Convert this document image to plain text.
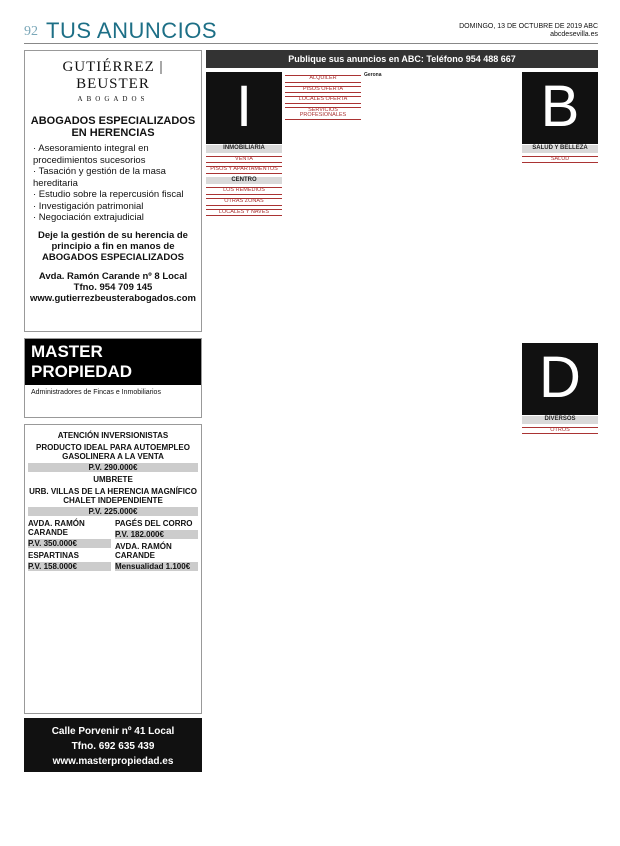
92 TUS ANUNCIOS	DOMINGO, 13 DE OCTUBRE DE 2019 ABC
abcdesevilla.es
GUTIÉRREZ | BEUSTER
ABOGADOS
ABOGADOS ESPECIALIZADOS EN HERENCIAS
· Asesoramiento integral en procedimientos sucesorios
· Tasación y gestión de la masa hereditaria
· Estudio sobre la repercusión fiscal
· Investigación patrimonial
· Negociación extrajudicial
Deje la gestión de su herencia de principio a fin en manos de ABOGADOS ESPECIALIZADOS
Avda. Ramón Carande nº 8 Local
Tfno. 954 709 145
www.gutierrezbeusterabogados.com
MASTER PROPIEDAD
Administradores de Fincas e Inmobiliarios
ATENCIÓN INVERSIONISTAS
PRODUCTO IDEAL PARA AUTOEMPLEO GASOLINERA A LA VENTA
P.V. 290.000€
UMBRETE
URB. VILLAS DE LA HERENCIA MAGNÍFICO CHALET INDEPENDIENTE
P.V. 225.000€
AVDA. RAMÓN CARANDE
P.V. 350.000€
ESPARTINAS
P.V. 158.000€
PAGÉS DEL CORRO
P.V. 182.000€
AVDA. RAMÓN CARANDE
Mensualidad 1.100€
Calle Porvenir nº 41 Local
Tfno. 692 635 439
www.masterpropiedad.es
Publique sus anuncios en ABC: Teléfono 954 488 667
I
INMOBILIARIA
VENTA
PISOS Y APARTAMENTOS
CENTRO
LOS REMEDIOS
OTRAS ZONAS
LOCALES Y NAVES
ALQUILER
PISOS OFERTA
LOCALES OFERTA
SERVICIOS PROFESIONALES
Gerona	B
SALUD Y BELLEZA
SALUD
D
DIVERSOS
OTROS
